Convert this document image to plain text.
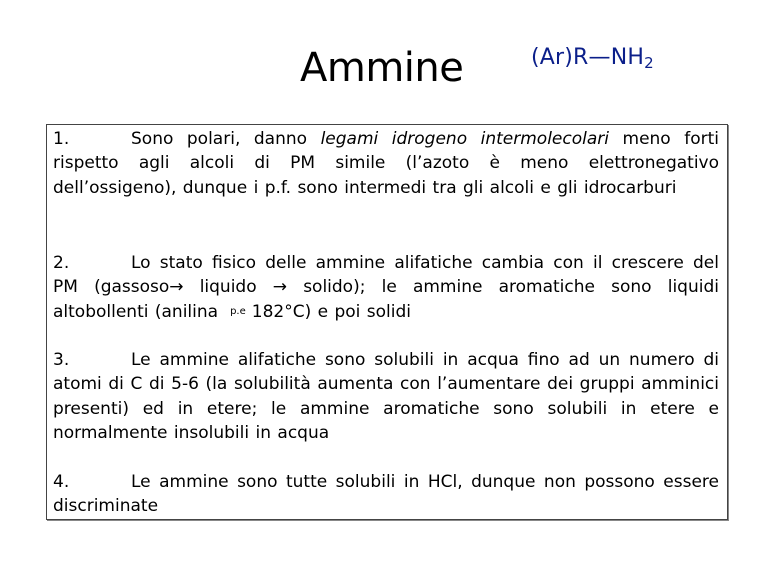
Ammine	$(Ar)R—NH_2$

1.	Sono polari, danno legami idrogeno intermolecolari meno forti rispetto agli alcoli di PM simile (l’azoto è meno elettronegativo dell’ossigeno), dunque i p.f. sono intermedi tra gli alcoli e gli idrocarburi

2.	Lo stato fisico delle ammine alifatiche cambia con il crescere del PM (gassoso→ liquido → solido); le ammine aromatiche sono liquidi altobollenti (anilina p.e 182°C) e poi solidi

3.	Le ammine alifatiche sono solubili in acqua fino ad un numero di atomi di C di 5-6 (la solubilità aumenta con l’aumentare dei gruppi amminici presenti) ed in etere; le ammine aromatiche sono solubili in etere e normalmente insolubili in acqua

4.	Le ammine sono tutte solubili in HCl, dunque non possono essere discriminate
